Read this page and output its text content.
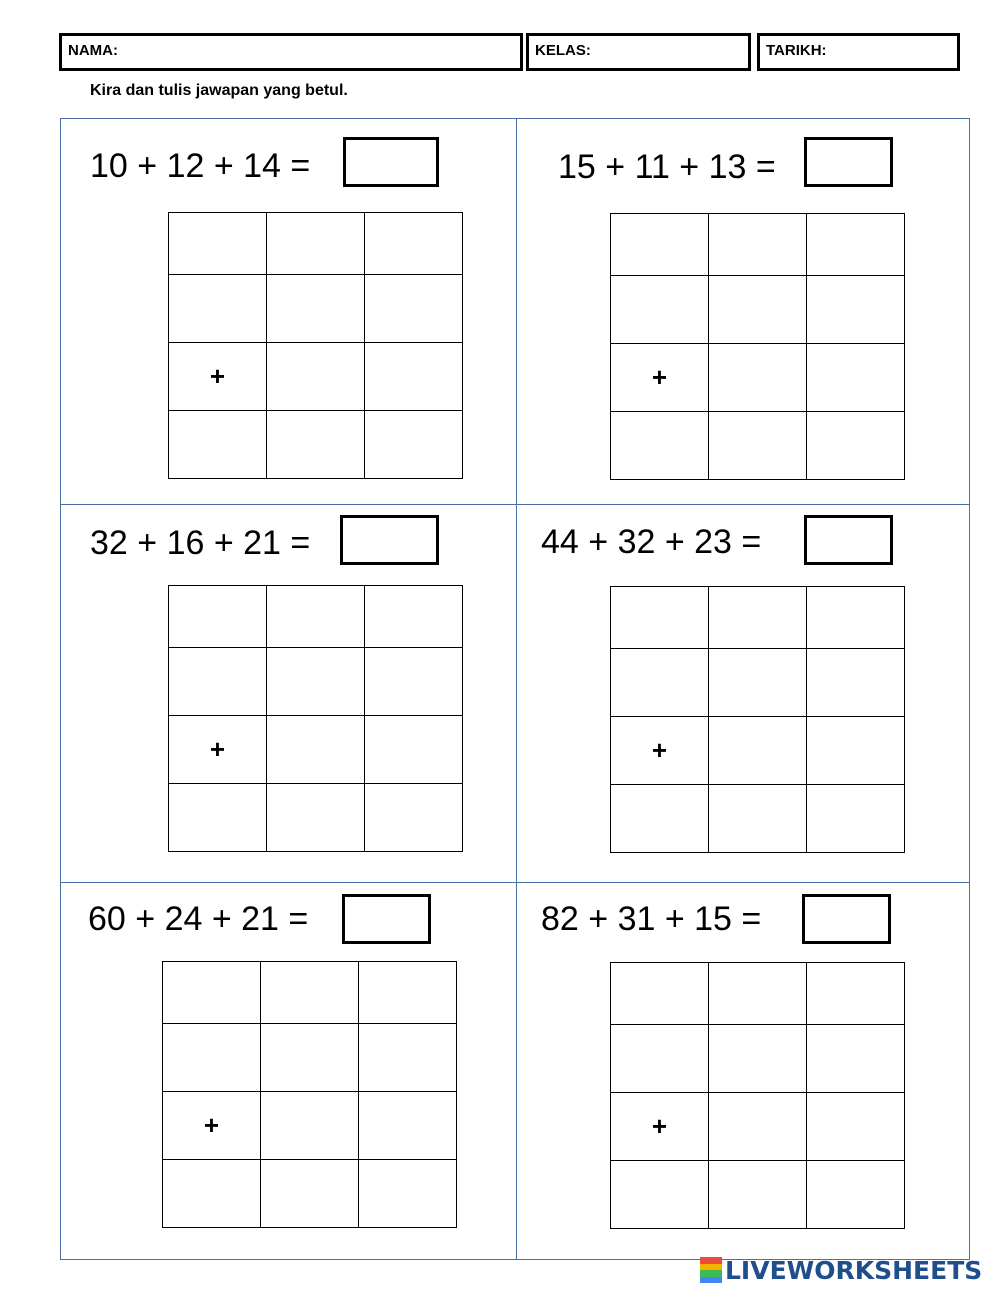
NAMA:	KELAS:	TARIKH:
Kira dan tulis jawapan yang betul.
10 + 12 + 14 =

+		

15 + 11 + 13 =

+		

32 + 16 + 21 =

+		

44 + 32 + 23 =

+		

60 + 24 + 21 =

+		

82 + 31 + 15 =

+		

LIVEWORKSHEETS
